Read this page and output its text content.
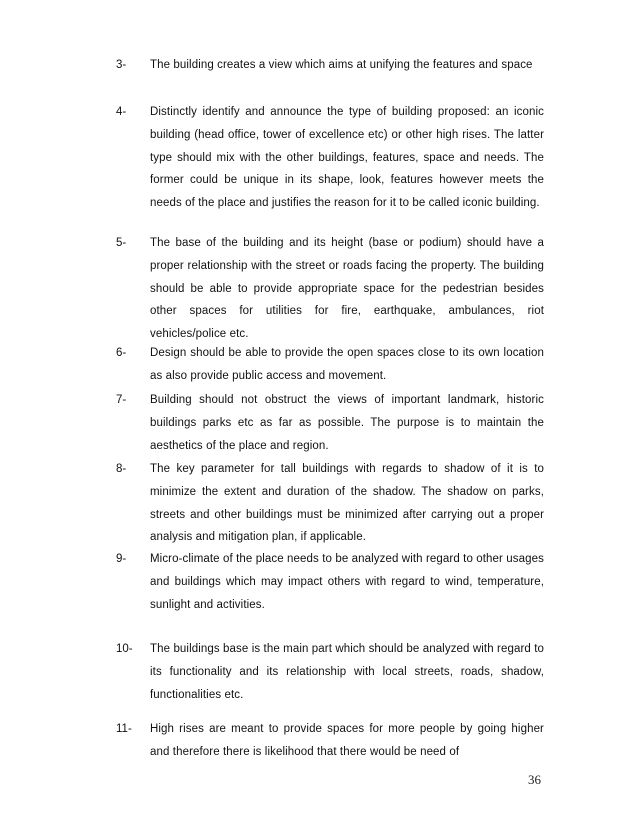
3- The building creates a view which aims at unifying the features and space
4- Distinctly identify and announce the type of building proposed: an iconic building (head office, tower of excellence etc) or other high rises. The latter type should mix with the other buildings, features, space and needs. The former could be unique in its shape, look, features however meets the needs of the place and justifies the reason for it to be called iconic building.
5- The base of the building and its height (base or podium) should have a proper relationship with the street or roads facing the property. The building should be able to provide appropriate space for the pedestrian besides other spaces for utilities for fire, earthquake, ambulances, riot vehicles/police etc.
6- Design should be able to provide the open spaces close to its own location as also provide public access and movement.
7- Building should not obstruct the views of important landmark, historic buildings parks etc as far as possible. The purpose is to maintain the aesthetics of the place and region.
8- The key parameter for tall buildings with regards to shadow of it is to minimize the extent and duration of the shadow. The shadow on parks, streets and other buildings must be minimized after carrying out a proper analysis and mitigation plan, if applicable.
9- Micro-climate of the place needs to be analyzed with regard to other usages and buildings which may impact others with regard to wind, temperature, sunlight and activities.
10- The buildings base is the main part which should be analyzed with regard to its functionality and its relationship with local streets, roads, shadow, functionalities etc.
11- High rises are meant to provide spaces for more people by going higher and therefore there is likelihood that there would be need of
36
